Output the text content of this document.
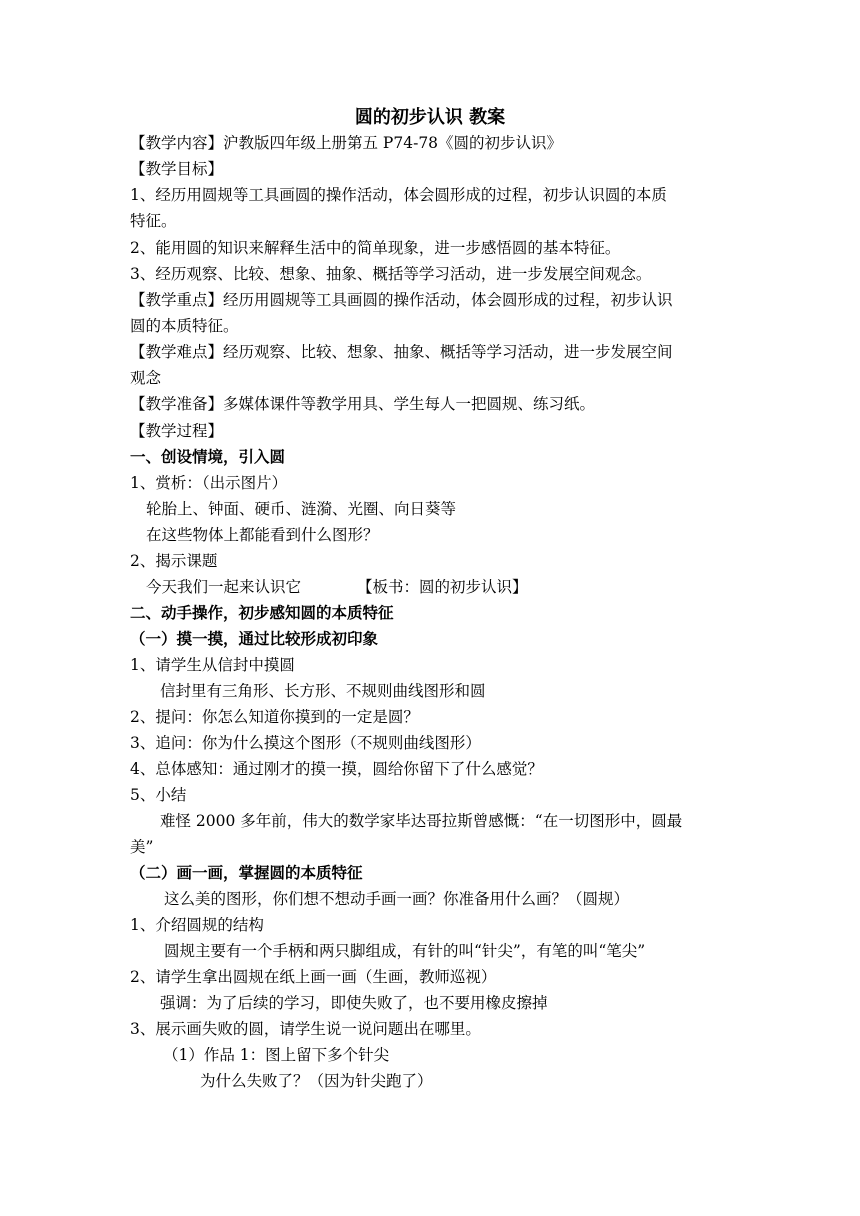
圆的初步认识 教案
【教学内容】沪教版四年级上册第五 P74-78《圆的初步认识》
【教学目标】
1、经历用圆规等工具画圆的操作活动，体会圆形成的过程，初步认识圆的本质
特征。
2、能用圆的知识来解释生活中的简单现象，进一步感悟圆的基本特征。
3、经历观察、比较、想象、抽象、概括等学习活动，进一步发展空间观念。
【教学重点】经历用圆规等工具画圆的操作活动，体会圆形成的过程，初步认识
圆的本质特征。
【教学难点】经历观察、比较、想象、抽象、概括等学习活动，进一步发展空间
观念
【教学准备】多媒体课件等教学用具、学生每人一把圆规、练习纸。
【教学过程】
一、创设情境，引入圆
1、赏析：（出示图片）
轮胎上、钟面、硬币、涟漪、光圈、向日葵等
在这些物体上都能看到什么图形？
2、揭示课题
今天我们一起来认识它	【板书：圆的初步认识】
二、动手操作，初步感知圆的本质特征
（一）摸一摸，通过比较形成初印象
1、请学生从信封中摸圆
信封里有三角形、长方形、不规则曲线图形和圆
2、提问：你怎么知道你摸到的一定是圆？
3、追问：你为什么摸这个图形（不规则曲线图形）
4、总体感知：通过刚才的摸一摸，圆给你留下了什么感觉？
5、小结
难怪 2000 多年前，伟大的数学家毕达哥拉斯曾感慨：“在一切图形中，圆最
美”
（二）画一画，掌握圆的本质特征
这么美的图形，你们想不想动手画一画？你准备用什么画？（圆规）
1、介绍圆规的结构
圆规主要有一个手柄和两只脚组成，有针的叫“针尖”，有笔的叫“笔尖”
2、请学生拿出圆规在纸上画一画（生画，教师巡视）
强调：为了后续的学习，即使失败了，也不要用橡皮擦掉
3、展示画失败的圆，请学生说一说问题出在哪里。
（1）作品 1：图上留下多个针尖
为什么失败了？（因为针尖跑了）
